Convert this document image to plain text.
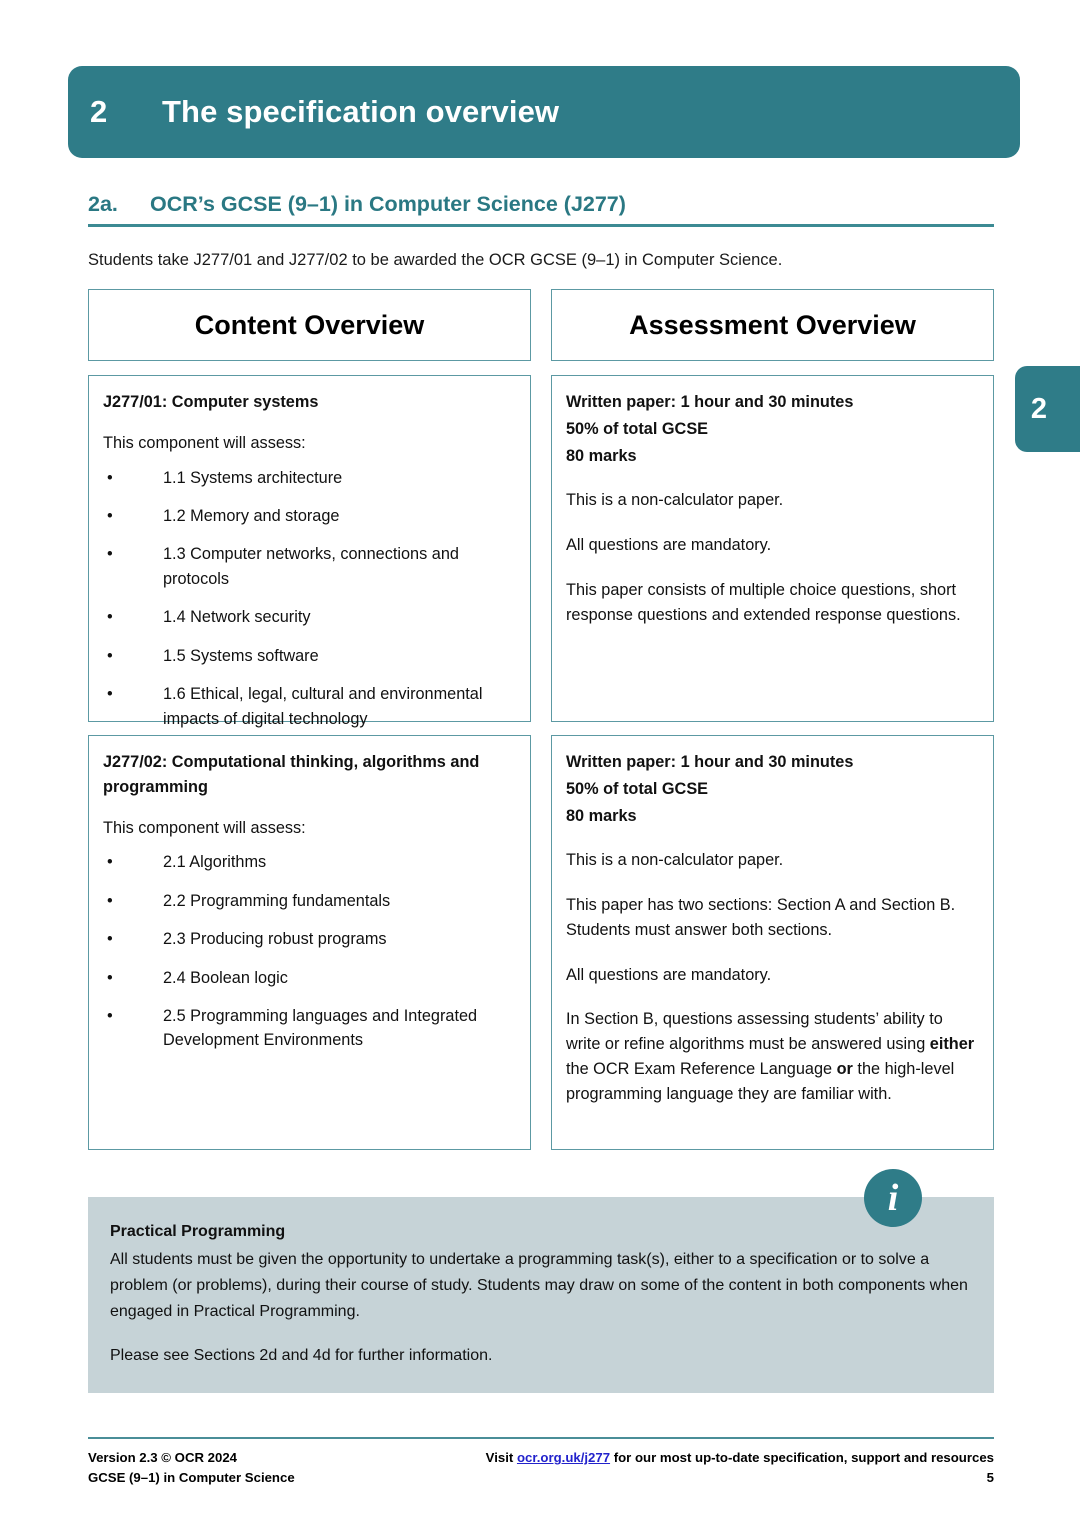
2	The specification overview
2
2a.	OCR’s GCSE (9–1) in Computer Science (J277)
Students take J277/01 and J277/02 to be awarded the OCR GCSE (9–1) in Computer Science.
Content Overview	Assessment Overview

J277/01: Computer systems

This component will assess:

•	1.1 Systems architecture
•	1.2 Memory and storage
•	1.3 Computer networks, connections and protocols
•	1.4 Network security
•	1.5 Systems software
•	1.6 Ethical, legal, cultural and environmental impacts of digital technology

Written paper: 1 hour and 30 minutes

50% of total GCSE

80 marks

This is a non-calculator paper.

All questions are mandatory.

This paper consists of multiple choice questions, short response questions and extended response questions.

J277/02: Computational thinking, algorithms and programming

This component will assess:

•	2.1 Algorithms
•	2.2 Programming fundamentals
•	2.3 Producing robust programs
•	2.4 Boolean logic
•	2.5 Programming languages and Integrated Development Environments

Written paper: 1 hour and 30 minutes

50% of total GCSE

80 marks

This is a non-calculator paper.

This paper has two sections: Section A and Section B. Students must answer both sections.

All questions are mandatory.

In Section B, questions assessing students’ ability to write or refine algorithms must be answered using either the OCR Exam Reference Language or the high-level programming language they are familiar with.

Practical Programming

All students must be given the opportunity to undertake a programming task(s), either to a specification or to solve a problem (or problems), during their course of study. Students may draw on some of the content in both components when engaged in Practical Programming.

Please see Sections 2d and 4d for further information.

i
Version 2.3 © OCR 2024
GCSE (9–1) in Computer Science
Visit ocr.org.uk/j277 for our most up-to-date specification, support and resources
5
